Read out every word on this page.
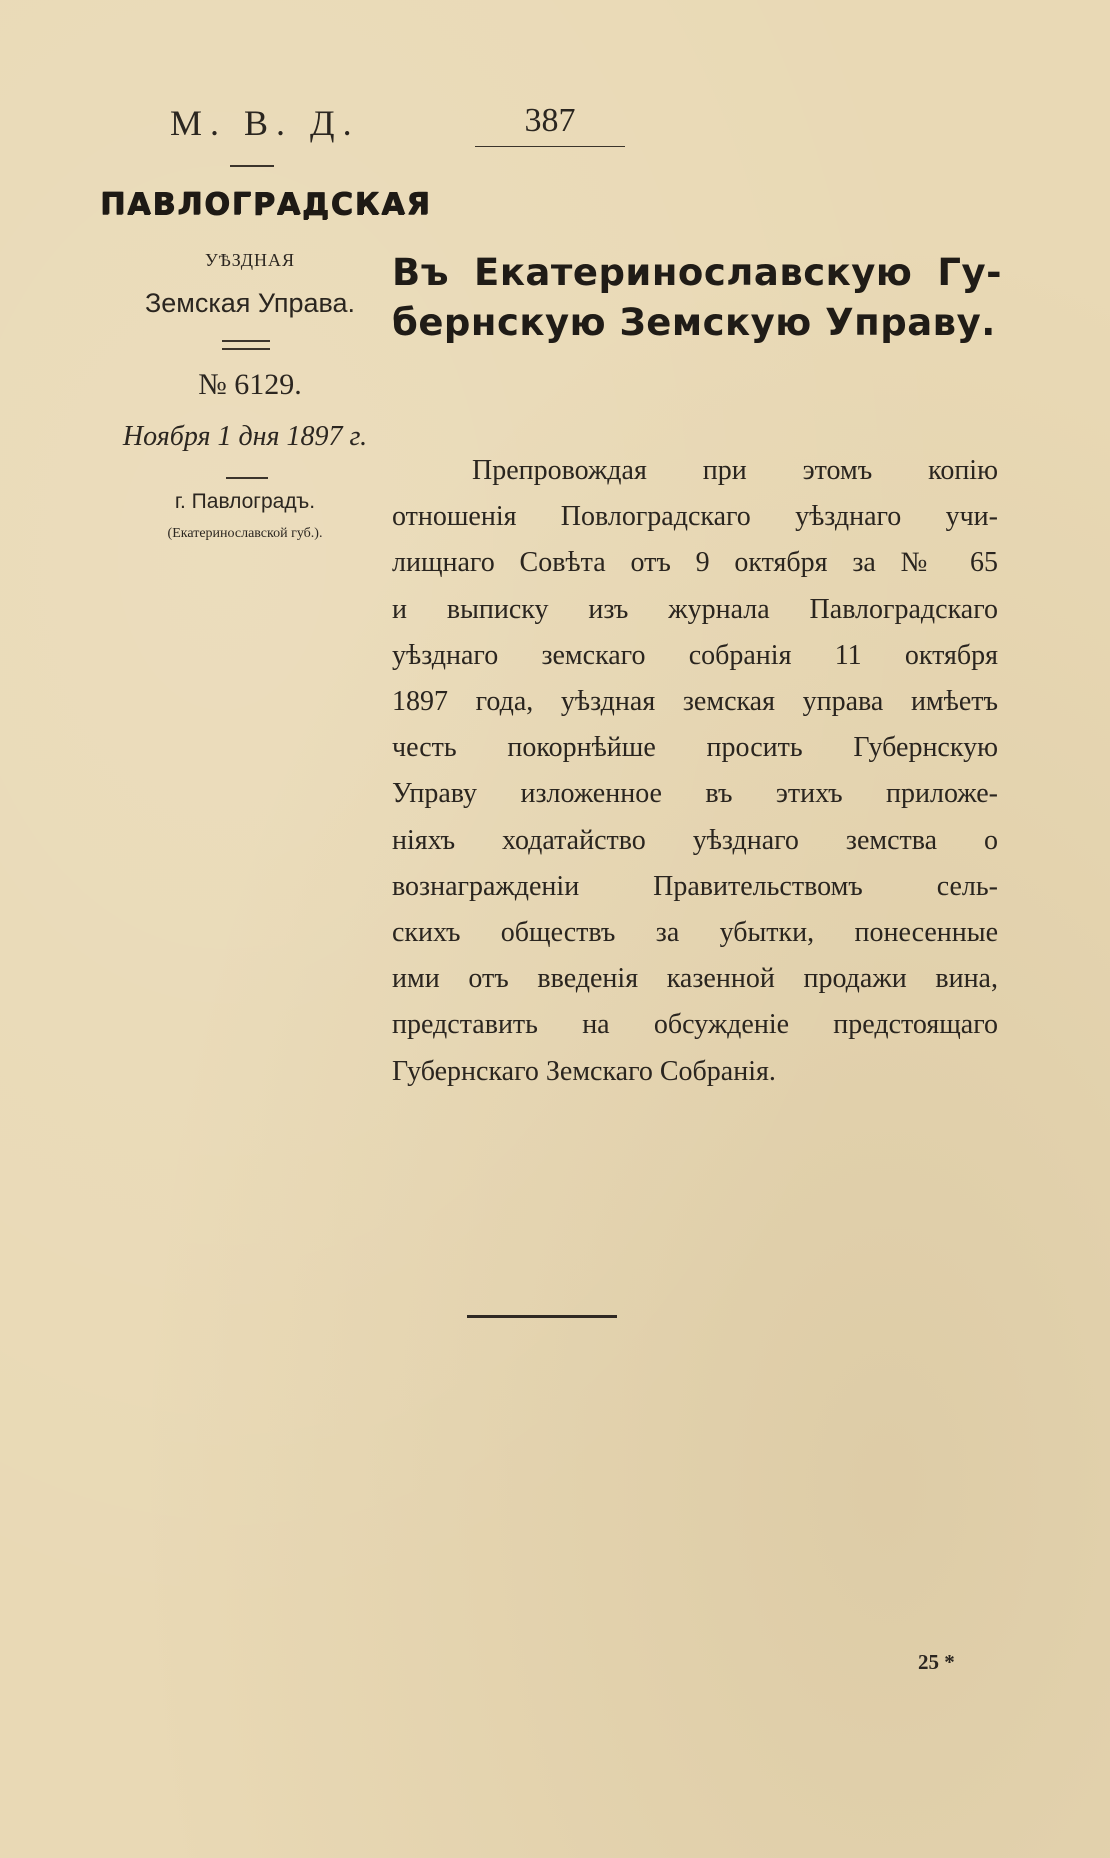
М. В. Д.	387
ПАВЛОГРАДСКАЯ
УѢЗДНАЯ
Земская Управа.
№ 6129.
Ноября 1 дня 1897 г.
г. Павлоградъ.
(Екатеринославской губ.).
Въ Екатеринославскую Гу-
бернскую Земскую Управу.
Препровождая при этомъ копію
отношенія Повлоградскаго уѣзднаго учи-
лищнаго Совѣта отъ 9 октября за № 65
и выписку изъ журнала Павлоградскаго
уѣзднаго земскаго собранія 11 октября
1897 года, уѣздная земская управа имѣетъ
честь покорнѣйше просить Губернскую
Управу изложенное въ этихъ приложе-
ніяхъ ходатайство уѣзднаго земства о
вознагражденіи Правительствомъ сель-
скихъ обществъ за убытки, понесенные
ими отъ введенія казенной продажи вина,
представить на обсужденіе предстоящаго
Губернскаго Земскаго Собранія.
25 *
